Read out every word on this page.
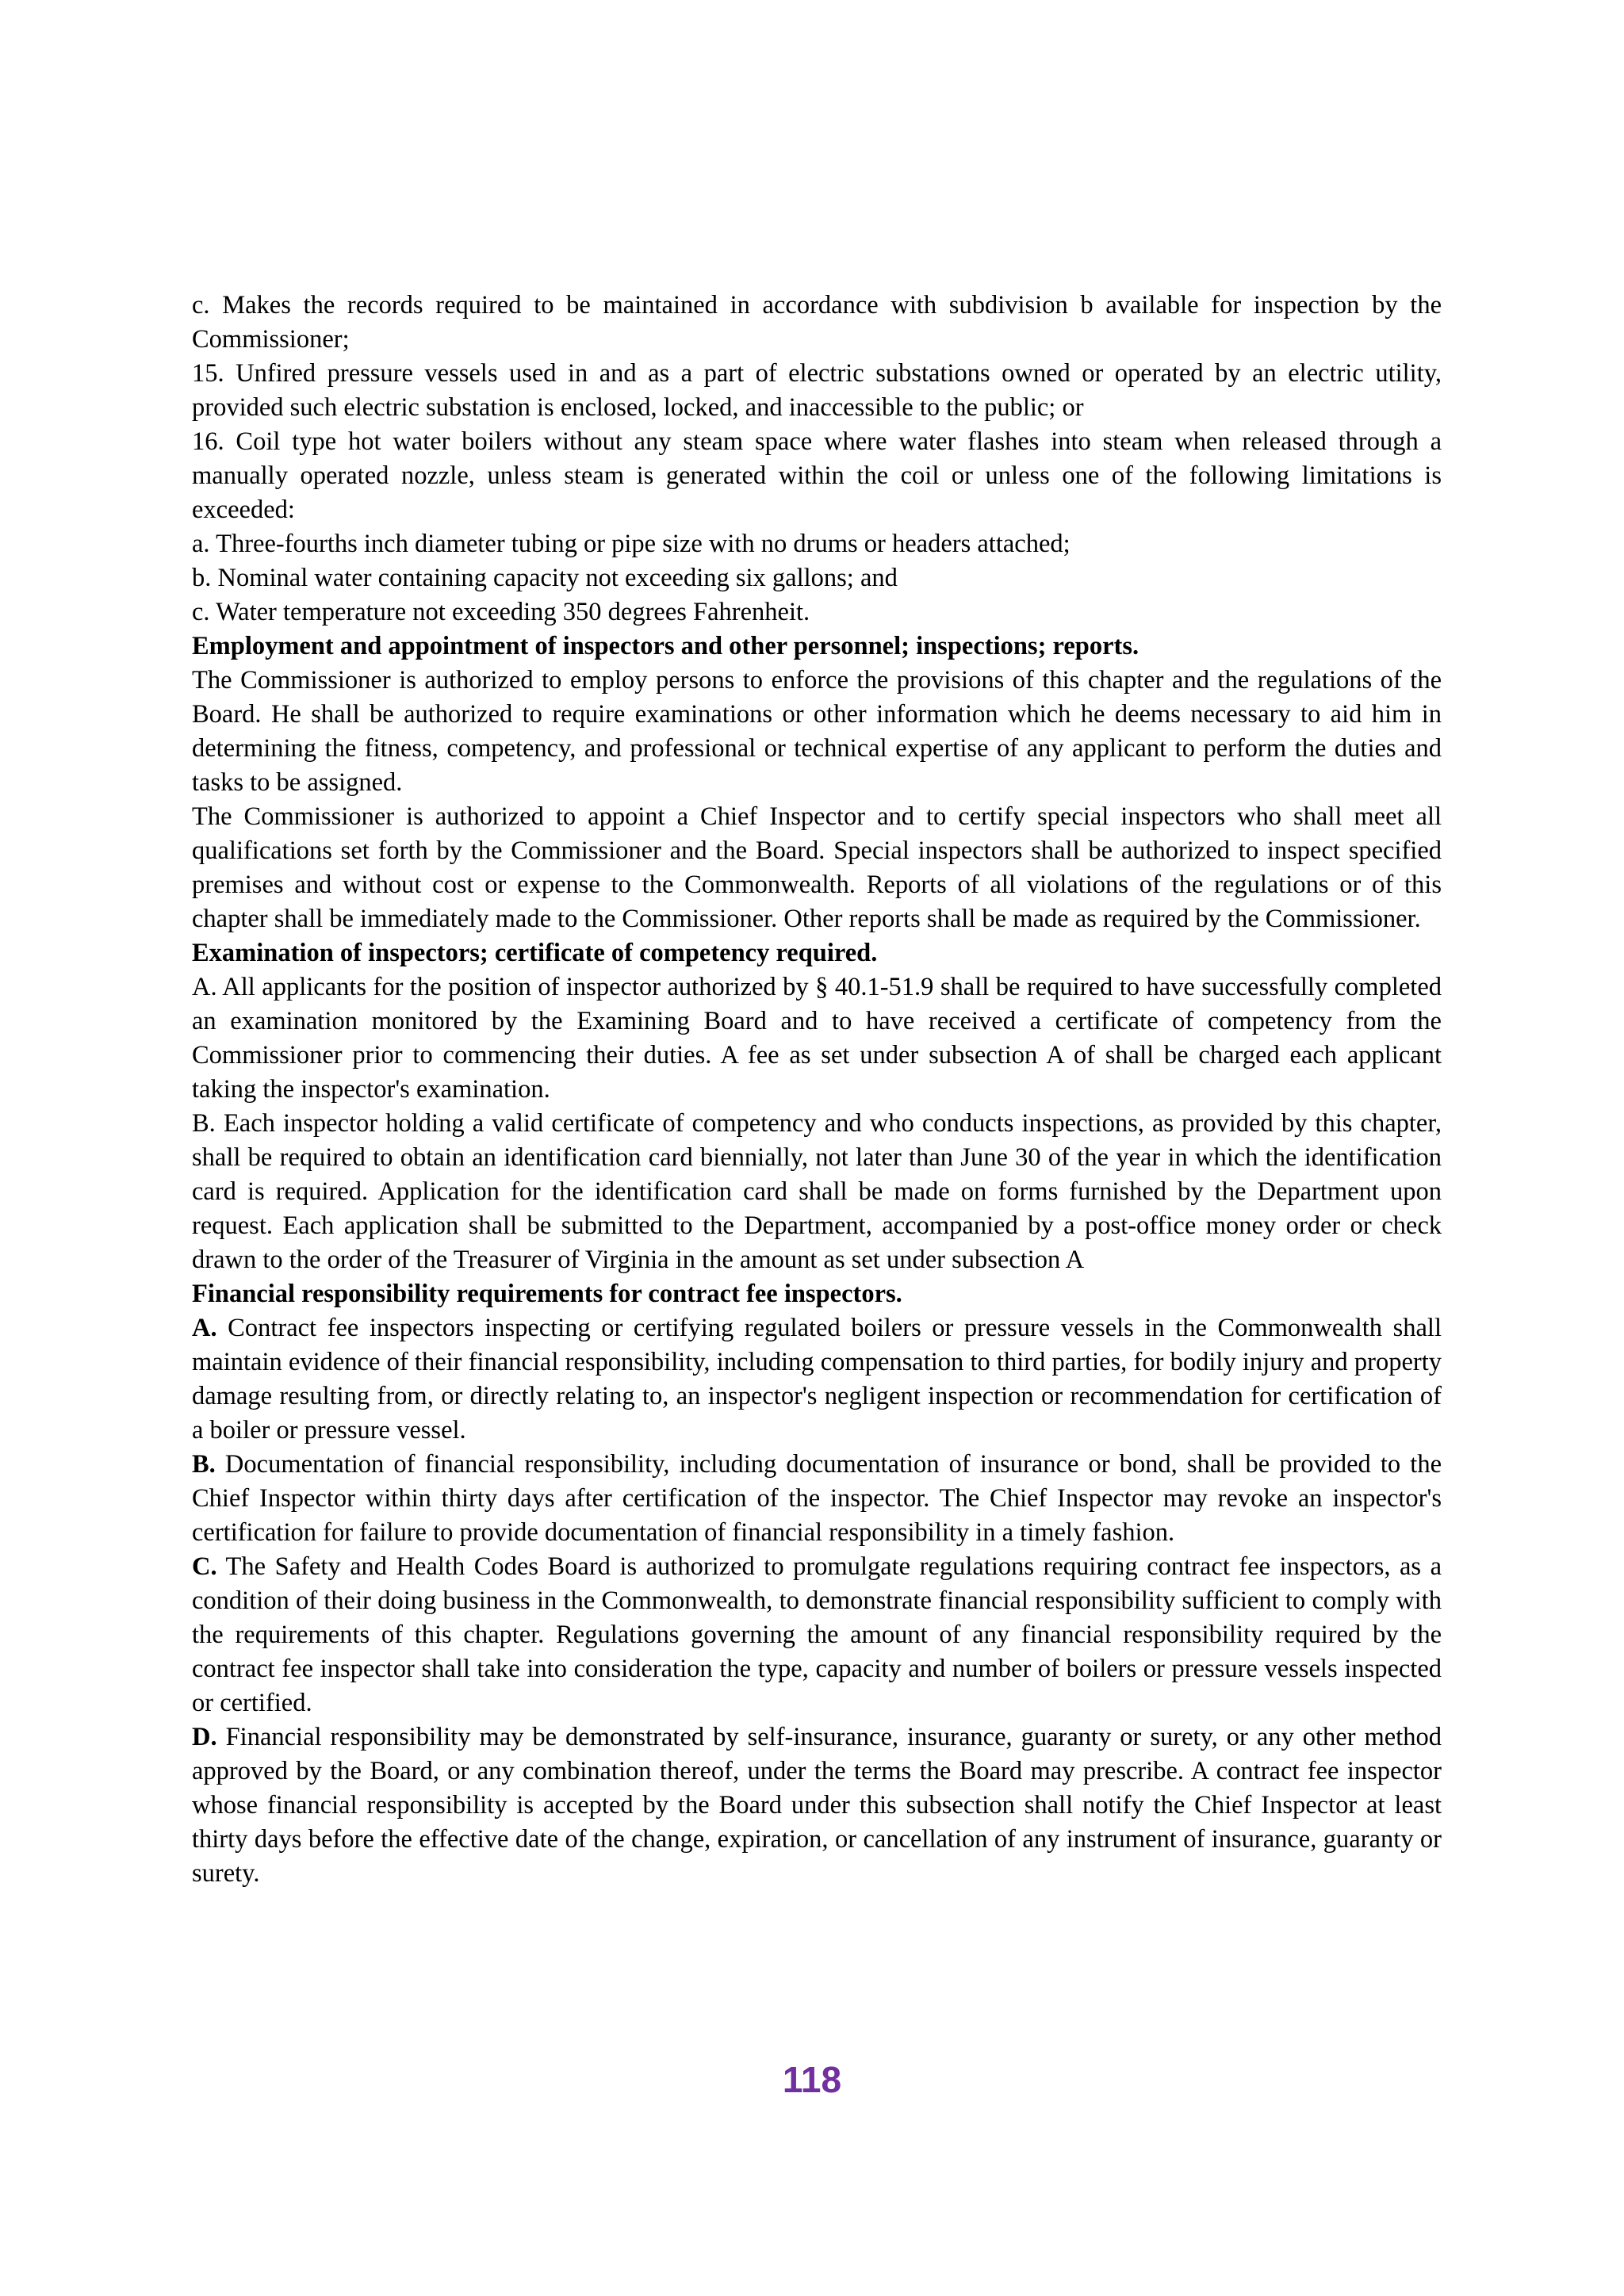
c. Makes the records required to be maintained in accordance with subdivision b available for inspection by the Commissioner;

15. Unfired pressure vessels used in and as a part of electric substations owned or operated by an electric utility, provided such electric substation is enclosed, locked, and inaccessible to the public; or

16. Coil type hot water boilers without any steam space where water flashes into steam when released through a manually operated nozzle, unless steam is generated within the coil or unless one of the following limitations is exceeded:

a. Three-fourths inch diameter tubing or pipe size with no drums or headers attached;

b. Nominal water containing capacity not exceeding six gallons; and

c. Water temperature not exceeding 350 degrees Fahrenheit.

Employment and appointment of inspectors and other personnel; inspections; reports.

The Commissioner is authorized to employ persons to enforce the provisions of this chapter and the regulations of the Board. He shall be authorized to require examinations or other information which he deems necessary to aid him in determining the fitness, competency, and professional or technical expertise of any applicant to perform the duties and tasks to be assigned.

The Commissioner is authorized to appoint a Chief Inspector and to certify special inspectors who shall meet all qualifications set forth by the Commissioner and the Board. Special inspectors shall be authorized to inspect specified premises and without cost or expense to the Commonwealth. Reports of all violations of the regulations or of this chapter shall be immediately made to the Commissioner. Other reports shall be made as required by the Commissioner.

Examination of inspectors; certificate of competency required.

A. All applicants for the position of inspector authorized by § 40.1-51.9 shall be required to have successfully completed an examination monitored by the Examining Board and to have received a certificate of competency from the Commissioner prior to commencing their duties. A fee as set under subsection A of shall be charged each applicant taking the inspector's examination.

B. Each inspector holding a valid certificate of competency and who conducts inspections, as provided by this chapter, shall be required to obtain an identification card biennially, not later than June 30 of the year in which the identification card is required. Application for the identification card shall be made on forms furnished by the Department upon request. Each application shall be submitted to the Department, accompanied by a post-office money order or check drawn to the order of the Treasurer of Virginia in the amount as set under subsection A

Financial responsibility requirements for contract fee inspectors.

A. Contract fee inspectors inspecting or certifying regulated boilers or pressure vessels in the Commonwealth shall maintain evidence of their financial responsibility, including compensation to third parties, for bodily injury and property damage resulting from, or directly relating to, an inspector's negligent inspection or recommendation for certification of a boiler or pressure vessel.

B. Documentation of financial responsibility, including documentation of insurance or bond, shall be provided to the Chief Inspector within thirty days after certification of the inspector. The Chief Inspector may revoke an inspector's certification for failure to provide documentation of financial responsibility in a timely fashion.

C. The Safety and Health Codes Board is authorized to promulgate regulations requiring contract fee inspectors, as a condition of their doing business in the Commonwealth, to demonstrate financial responsibility sufficient to comply with the requirements of this chapter. Regulations governing the amount of any financial responsibility required by the contract fee inspector shall take into consideration the type, capacity and number of boilers or pressure vessels inspected or certified.

D. Financial responsibility may be demonstrated by self-insurance, insurance, guaranty or surety, or any other method approved by the Board, or any combination thereof, under the terms the Board may prescribe. A contract fee inspector whose financial responsibility is accepted by the Board under this subsection shall notify the Chief Inspector at least thirty days before the effective date of the change, expiration, or cancellation of any instrument of insurance, guaranty or surety.

118
